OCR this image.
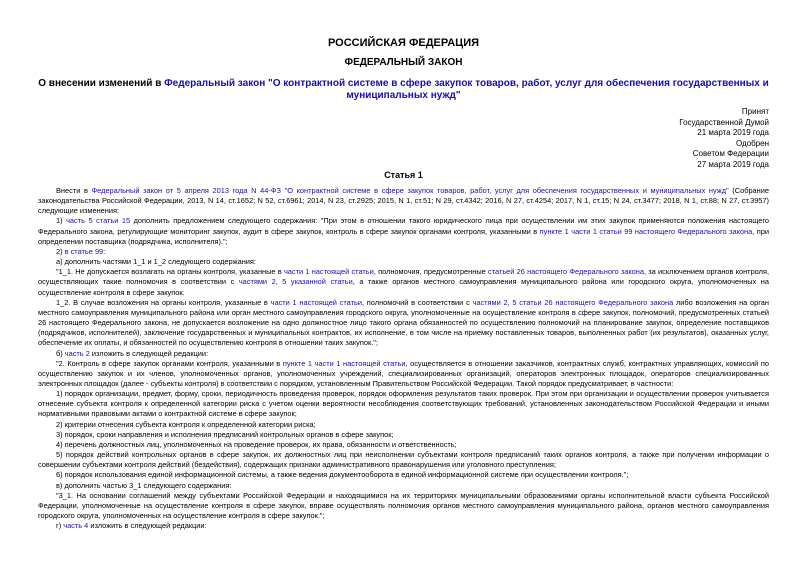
РОССИЙСКАЯ ФЕДЕРАЦИЯ
ФЕДЕРАЛЬНЫЙ ЗАКОН
О внесении изменений в Федеральный закон "О контрактной системе в сфере закупок товаров, работ, услуг для обеспечения государственных и муниципальных нужд"
Принят
Государственной Думой
21 марта 2019 года
Одобрен
Советом Федерации
27 марта 2019 года
Статья 1

Внести в Федеральный закон от 5 апреля 2013 года N 44-ФЗ "О контрактной системе в сфере закупок товаров, работ, услуг для обеспечения государственных и муниципальных нужд" (Собрание законодательства Российской Федерации, 2013, N 14, ст.1652; N 52, ст.6961; 2014, N 23, ст.2925; 2015, N 1, ст.51; N 29, ст.4342; 2016, N 27, ст.4254; 2017, N 1, ст.15; N 24, ст.3477; 2018, N 1, ст.88; N 27, ст.3957) следующие изменения:

1) часть 5 статьи 15 дополнить предложением следующего содержания: "При этом в отношении такого юридического лица при осуществлении им этих закупок применяются положения настоящего Федерального закона, регулирующие мониторинг закупок, аудит в сфере закупок, контроль в сфере закупок органами контроля, указанными в пункте 1 части 1 статьи 99 настоящего Федерального закона, при определении поставщика (подрядчика, исполнителя).";

2) в статье 99:

а) дополнить частями 1_1 и 1_2 следующего содержания:

"1_1. Не допускается возлагать на органы контроля, указанные в части 1 настоящей статьи, полномочия, предусмотренные статьей 26 настоящего Федерального закона, за исключением органов контроля, осуществляющих такие полномочия в соответствии с частями 2, 5 указанной статьи, а также органов местного самоуправления муниципального района или городского округа, уполномоченных на осуществление контроля в сфере закупок.

1_2. В случае возложения на органы контроля, указанные в части 1 настоящей статьи, полномочий в соответствии с частями 2, 5 статьи 26 настоящего Федерального закона либо возложения на орган местного самоуправления муниципального района или орган местного самоуправления городского округа, уполномоченные на осуществление контроля в сфере закупок, полномочий, предусмотренных статьей 26 настоящего Федерального закона, не допускается возложение на одно должностное лицо такого органа обязанностей по осуществлению полномочий на планирование закупок, определение поставщиков (подрядчиков, исполнителей), заключение государственных и муниципальных контрактов, их исполнение, в том числе на приемку поставленных товаров, выполненных работ (их результатов), оказанных услуг, обеспечение их оплаты, и обязанностей по осуществлению контроля в отношении таких закупок.";

б) часть 2 изложить в следующей редакции:

"2. Контроль в сфере закупок органами контроля, указанными в пункте 1 части 1 настоящей статьи, осуществляется в отношении заказчиков, контрактных служб, контрактных управляющих, комиссий по осуществлению закупок и их членов, уполномоченных органов, уполномоченных учреждений, специализированных организаций, операторов электронных площадок, операторов специализированных электронных площадок (далее - субъекты контроля) в соответствии с порядком, установленным Правительством Российской Федерации. Такой порядок предусматривает, в частности:

1) порядок организации, предмет, форму, сроки, периодичность проведения проверок, порядок оформления результатов таких проверок. При этом при организации и осуществлении проверок учитывается отнесение субъекта контроля к определенной категории риска с учетом оценки вероятности несоблюдения соответствующих требований, установленных законодательством Российской Федерации и иными нормативными правовыми актами о контрактной системе в сфере закупок;

2) критерии отнесения субъекта контроля к определенной категории риска;

3) порядок, сроки направления и исполнения предписаний контрольных органов в сфере закупок;

4) перечень должностных лиц, уполномоченных на проведение проверок, их права, обязанности и ответственность;

5) порядок действий контрольных органов в сфере закупок, их должностных лиц при неисполнении субъектами контроля предписаний таких органов контроля, а также при получении информации о совершении субъектами контроля действий (бездействия), содержащих признаки административного правонарушения или уголовного преступления;

6) порядок использования единой информационной системы, а также ведения документооборота в единой информационной системе при осуществлении контроля.";

в) дополнить частью 3_1 следующего содержания:

"3_1. На основании соглашений между субъектами Российской Федерации и находящимися на их территориях муниципальными образованиями органы исполнительной власти субъекта Российской Федерации, уполномоченные на осуществление контроля в сфере закупок, вправе осуществлять полномочия органов местного самоуправления муниципального района, органов местного самоуправления городского округа, уполномоченных на осуществление контроля в сфере закупок.";

г) часть 4 изложить в следующей редакции:
